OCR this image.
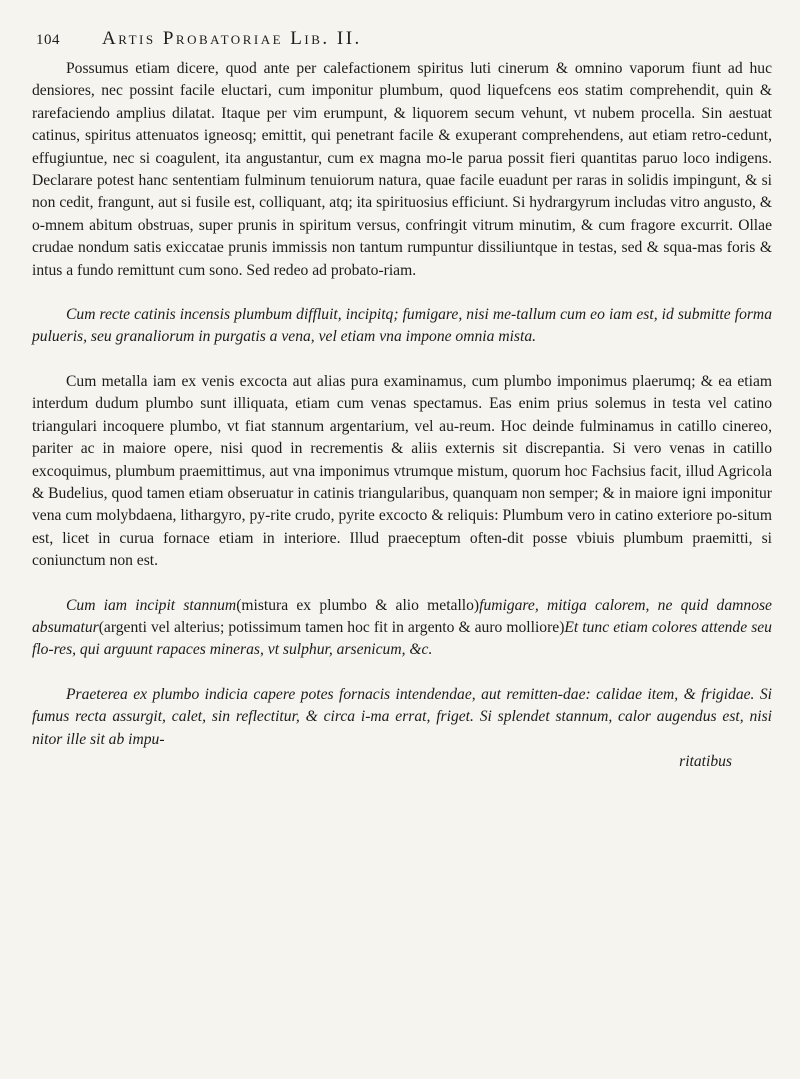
104 Artis Probatoriae Lib. II.

Possumus etiam dicere, quod ante per calefactionem spiritus luti cinerum & omnino vaporum fiunt ad huc densiores, nec possint facile eluctari, cum imponitur plumbum, quod liquefcens eos statim comprehendit, quin & rarefaciendo amplius dilatat. Itaque per vim erumpunt, & liquorem secum vehunt, vt nubem procella. Sin aestuat catinus, spiritus attenuatos igneosq; emittit, qui penetrant facile & exuperant comprehendens, aut etiam retro-cedunt, effugiuntue, nec si coagulent, ita angustantur, cum ex magna mo-le parua possit fieri quantitas paruo loco indigens. Declarare potest hanc sententiam fulminum tenuiorum natura, quae facile euadunt per raras in solidis impingunt, & si non cedit, frangunt, aut si fusile est, colliquant, atq; ita spirituosius efficiunt. Si hydrargyrum includas vitro angusto, & o-mnem abitum obstruas, super prunis in spiritum versus, confringit vitrum minutim, & cum fragore excurrit. Ollae crudae nondum satis exiccatae prunis immissis non tantum rumpuntur dissiliuntque in testas, sed & squa-mas foris & intus a fundo remittunt cum sono. Sed redeo ad probato-riam.

Cum recte catinis incensis plumbum diffluit, incipitq; fumigare, nisi me-tallum cum eo iam est, id submitte forma pulueris, seu granaliorum in purgatis a vena, vel etiam vna impone omnia mista.

Cum metalla iam ex venis excocta aut alias pura examinamus, cum plumbo imponimus plaerumq; & ea etiam interdum dudum plumbo sunt illiquata, etiam cum venas spectamus. Eas enim prius solemus in testa vel catino triangulari incoquere plumbo, vt fiat stannum argentarium, vel au-reum. Hoc deinde fulminamus in catillo cinereo, pariter ac in maiore opere, nisi quod in recrementis & aliis externis sit discrepantia. Si vero venas in catillo excoquimus, plumbum praemittimus, aut vna imponimus vtrumque mistum, quorum hoc Fachsius facit, illud Agricola & Budelius, quod tamen etiam obseruatur in catinis triangularibus, quanquam non semper; & in maiore igni imponitur vena cum molybdaena, lithargyro, py-rite crudo, pyrite excocto & reliquis: Plumbum vero in catino exteriore po-situm est, licet in curua fornace etiam in interiore. Illud praeceptum often-dit posse vbiuis plumbum praemitti, si coniunctum non est.

Cum iam incipit stannum(mistura ex plumbo & alio metallo)fumigare, mitiga calorem, ne quid damnose absumatur(argenti vel alterius; potissimum tamen hoc fit in argento & auro molliore)Et tunc etiam colores attende seu flo-res, qui arguunt rapaces mineras, vt sulphur, arsenicum, &c.

Praeterea ex plumbo indicia capere potes fornacis intendendae, aut remitten-dae: calidae item, & frigidae. Si fumus recta assurgit, calet, sin reflectitur, & circa i-ma errat, friget. Si splendet stannum, calor augendus est, nisi nitor ille sit ab impu-

ritatibus
